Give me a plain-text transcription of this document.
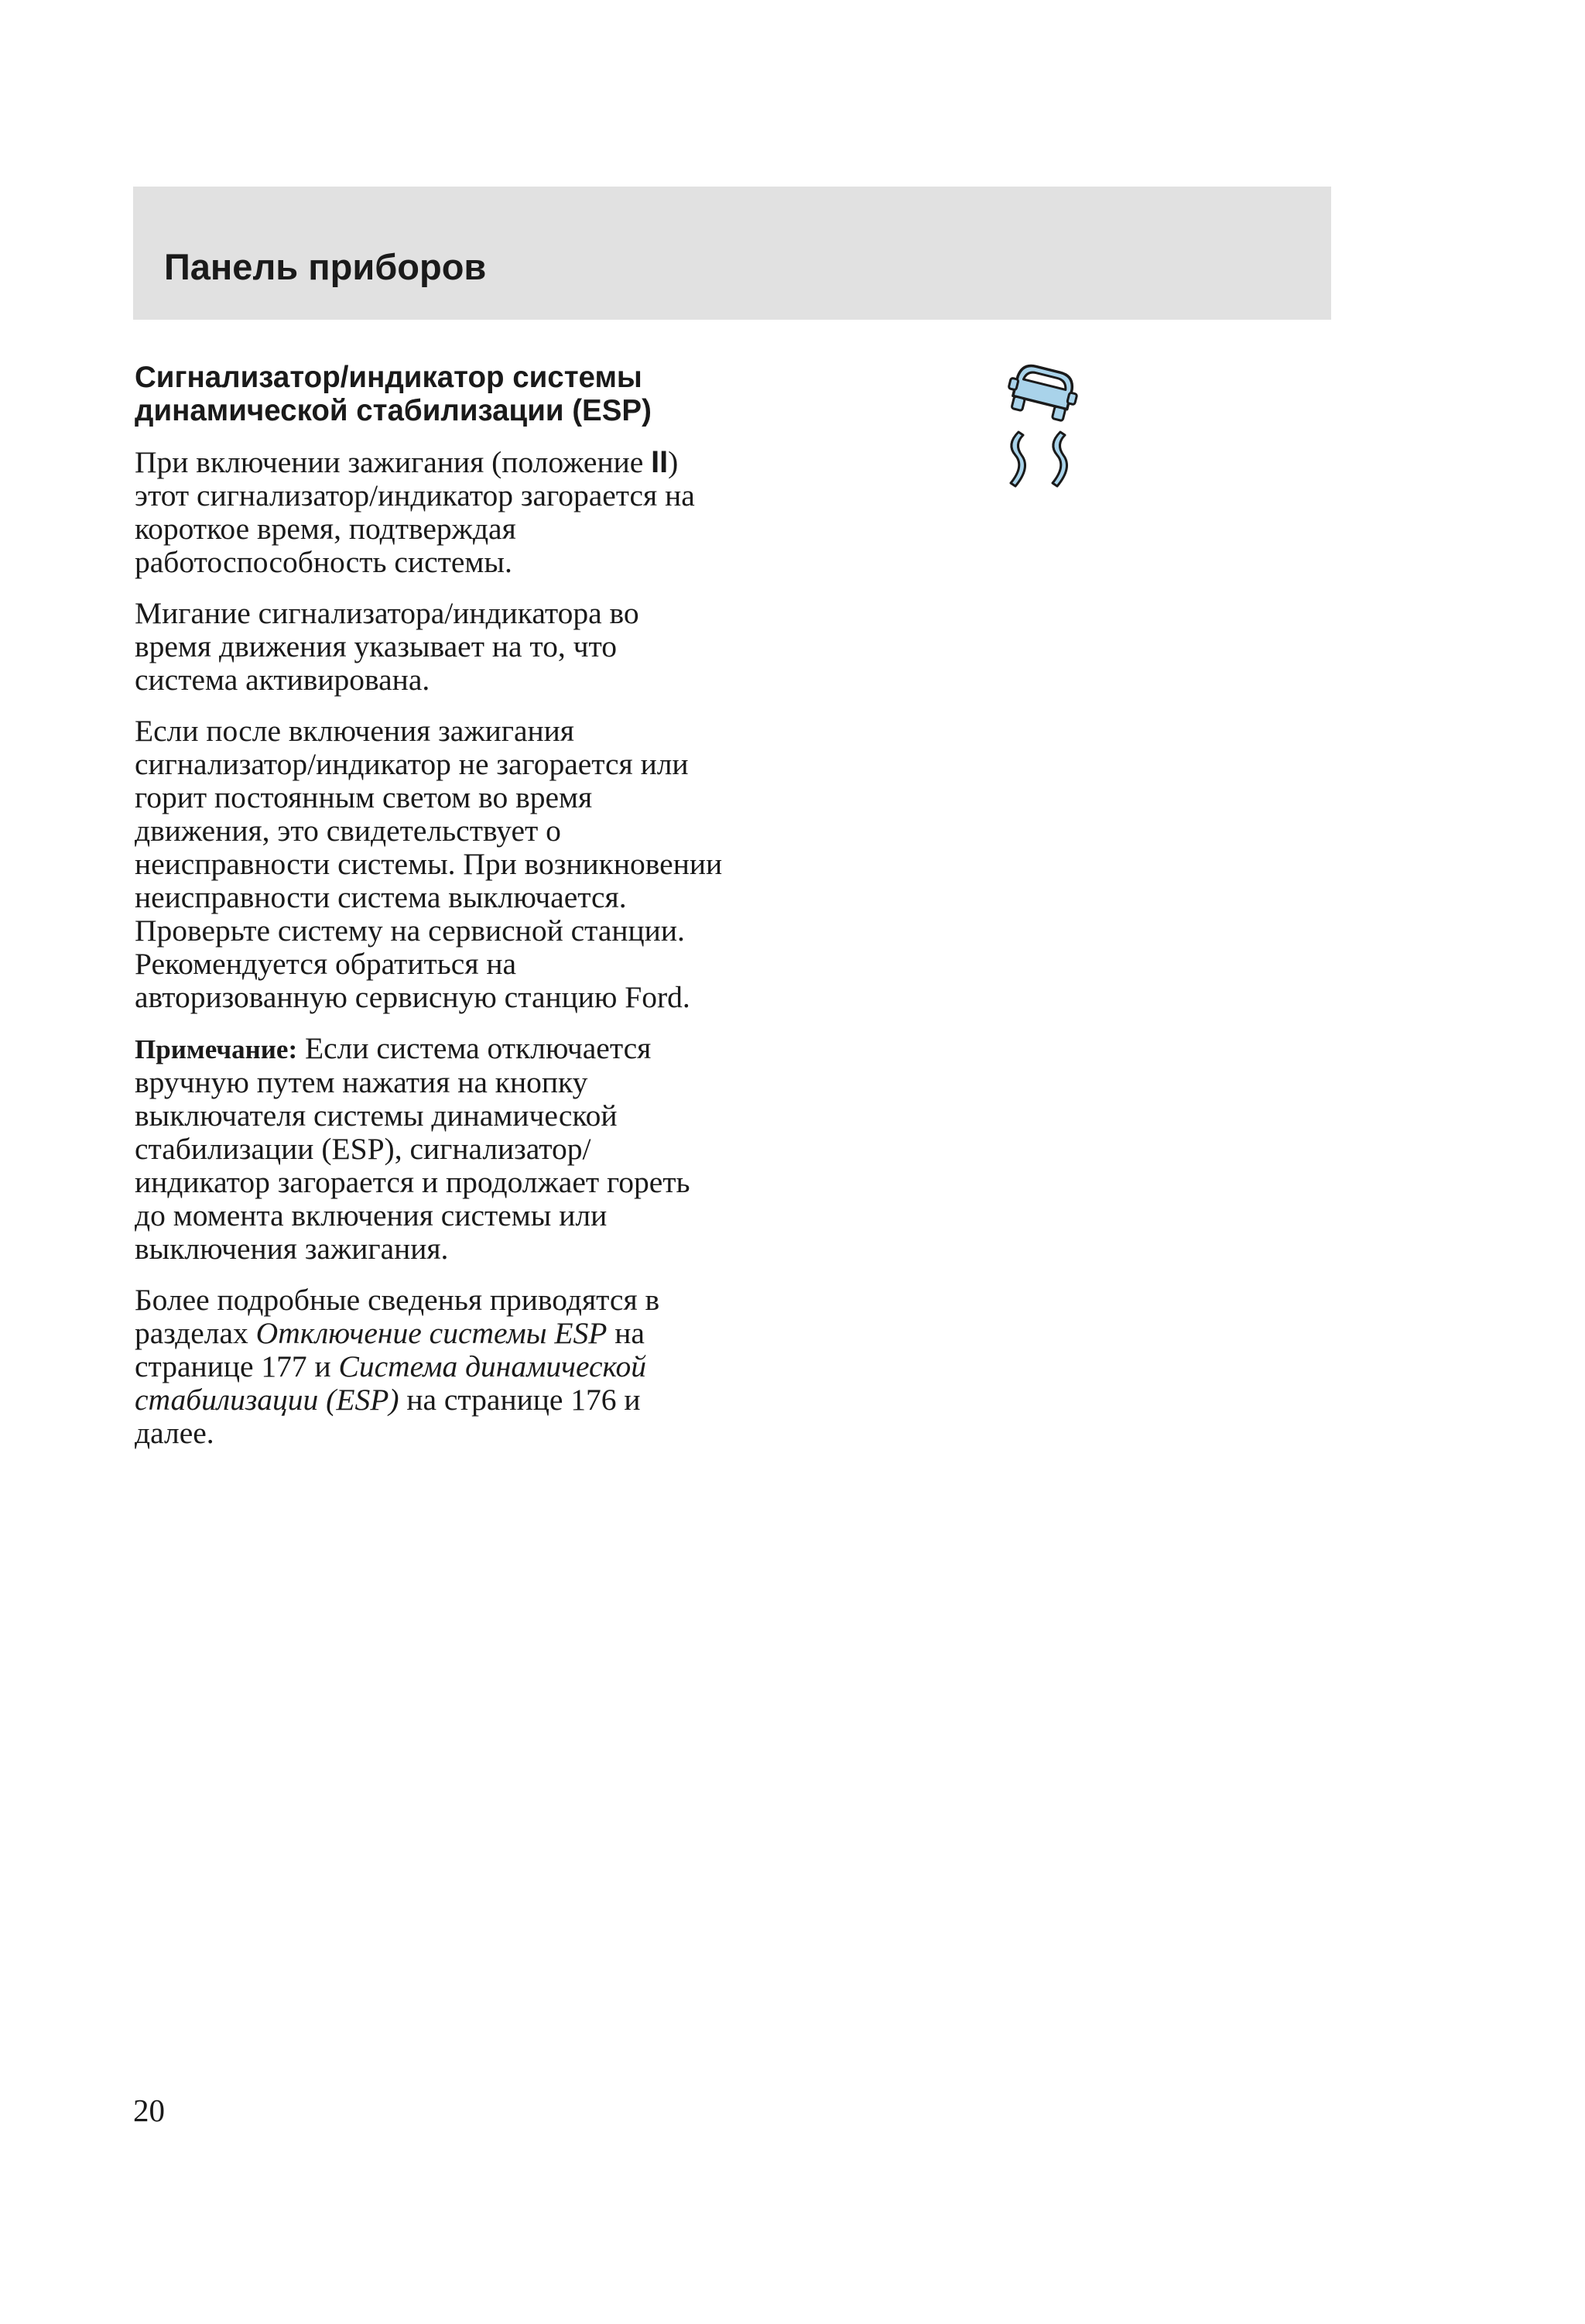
Панель приборов
Сигнализатор/индикатор системы динамической стабилизации (ESP)

При включении зажигания (положение II) этот сигнализатор/индикатор загорается на короткое время, подтверждая работоспособность системы.

Мигание сигнализатора/индикатора во время движения указывает на то, что система активирована.

Если после включения зажигания сигнализатор/индикатор не загорается или горит постоянным светом во время движения, это свидетельствует о неисправности системы. При возникновении неисправности система выключается. Проверьте систему на сервисной станции. Рекомендуется обратиться на авторизованную сервисную станцию Ford.

Примечание: Если система отключается вручную путем нажатия на кнопку выключателя системы динамической стабилизации (ESP), сигнализатор/индикатор загорается и продолжает гореть до момента включения системы или выключения зажигания.

Более подробные сведенья приводятся в разделах Отключение системы ESP на странице 177 и Система динамической стабилизации (ESP) на странице 176 и далее.

20
